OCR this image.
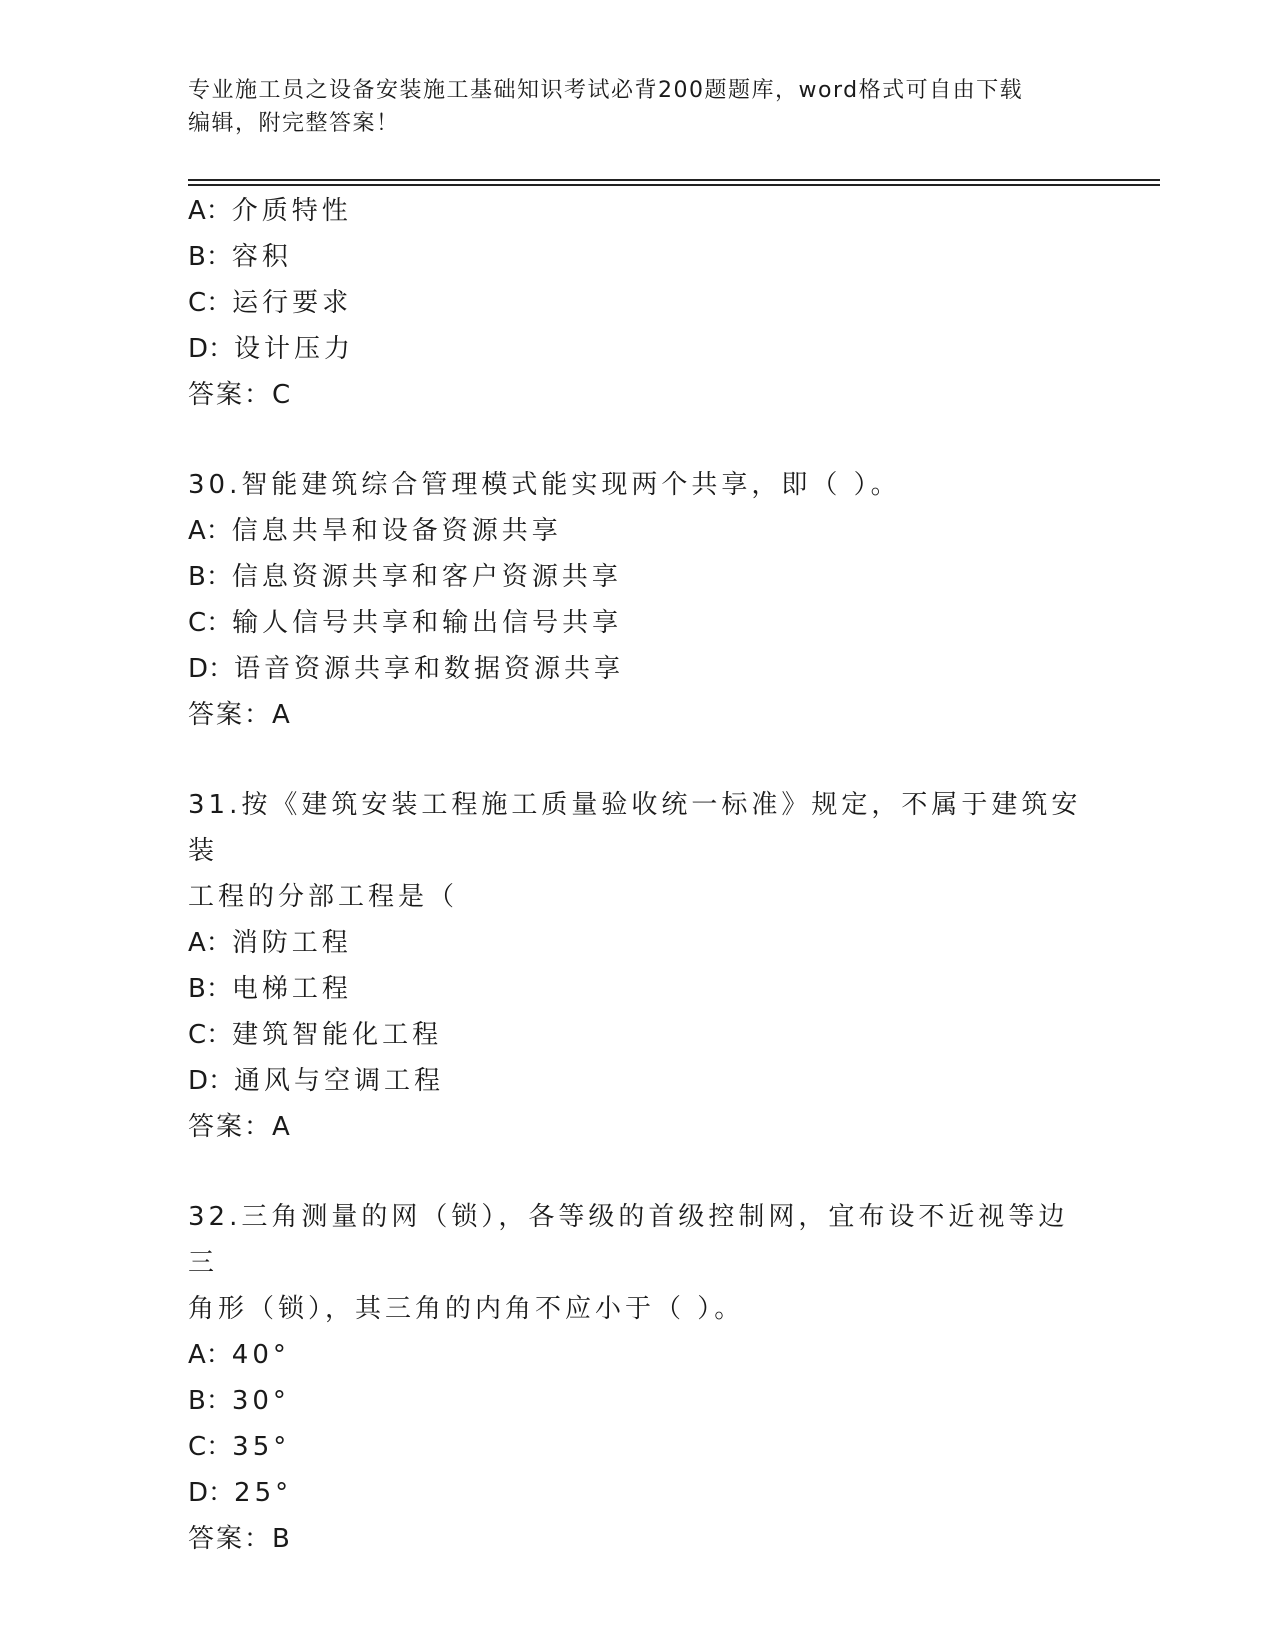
专业施工员之设备安装施工基础知识考试必背200题题库，word格式可自由下载
编辑，附完整答案！
A：介质特性
B：容积
C：运行要求
D：设计压力
答案：C
30.智能建筑综合管理模式能实现两个共享，即（ ）。
A：信息共旱和设备资源共享
B：信息资源共享和客户资源共享
C：输人信号共享和输出信号共享
D：语音资源共享和数据资源共享
答案：A
31.按《建筑安装工程施工质量验收统一标准》规定，不属于建筑安装
工程的分部工程是（
A：消防工程
B：电梯工程
C：建筑智能化工程
D：通风与空调工程
答案：A
32.三角测量的网（锁），各等级的首级控制网，宜布设不近视等边三
角形（锁），其三角的内角不应小于（ ）。
A：40°
B：30°
C：35°
D：25°
答案：B
